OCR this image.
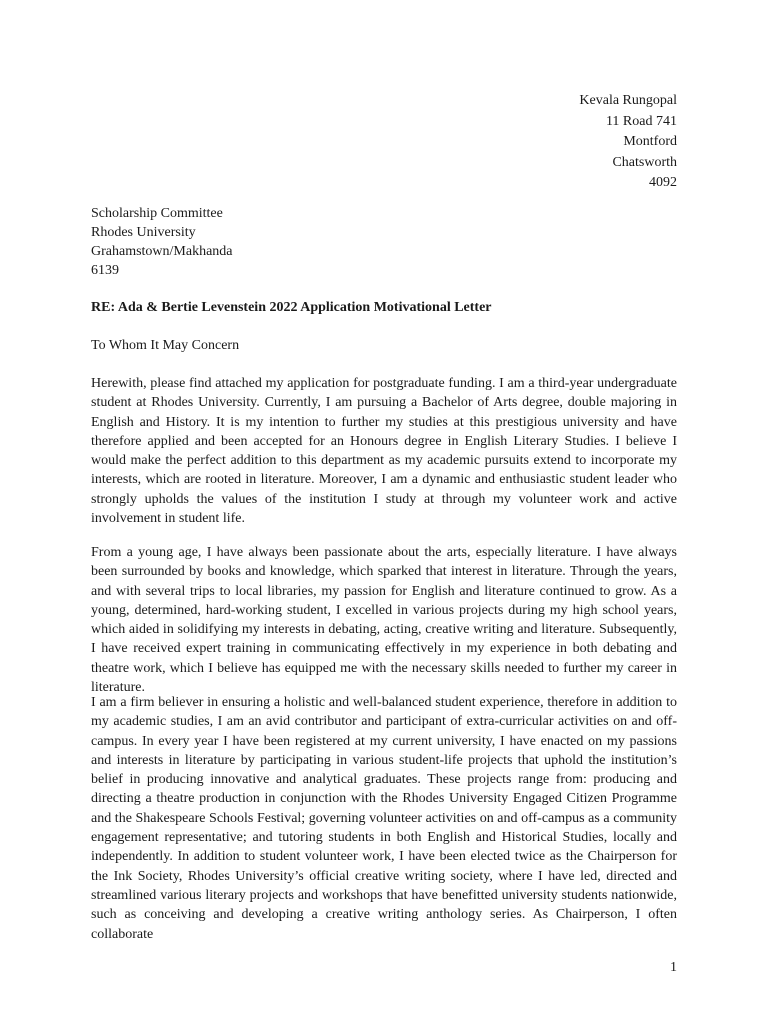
Kevala Rungopal
11 Road 741
Montford
Chatsworth
4092
Scholarship Committee
Rhodes University
Grahamstown/Makhanda
6139
RE: Ada & Bertie Levenstein 2022 Application Motivational Letter
To Whom It May Concern

Herewith, please find attached my application for postgraduate funding. I am a third-year undergraduate student at Rhodes University. Currently, I am pursuing a Bachelor of Arts degree, double majoring in English and History. It is my intention to further my studies at this prestigious university and have therefore applied and been accepted for an Honours degree in English Literary Studies. I believe I would make the perfect addition to this department as my academic pursuits extend to incorporate my interests, which are rooted in literature. Moreover, I am a dynamic and enthusiastic student leader who strongly upholds the values of the institution I study at through my volunteer work and active involvement in student life.

From a young age, I have always been passionate about the arts, especially literature. I have always been surrounded by books and knowledge, which sparked that interest in literature. Through the years, and with several trips to local libraries, my passion for English and literature continued to grow. As a young, determined, hard-working student, I excelled in various projects during my high school years, which aided in solidifying my interests in debating, acting, creative writing and literature. Subsequently, I have received expert training in communicating effectively in my experience in both debating and theatre work, which I believe has equipped me with the necessary skills needed to further my career in literature.

I am a firm believer in ensuring a holistic and well-balanced student experience, therefore in addition to my academic studies, I am an avid contributor and participant of extra-curricular activities on and off-campus. In every year I have been registered at my current university, I have enacted on my passions and interests in literature by participating in various student-life projects that uphold the institution’s belief in producing innovative and analytical graduates. These projects range from: producing and directing a theatre production in conjunction with the Rhodes University Engaged Citizen Programme and the Shakespeare Schools Festival; governing volunteer activities on and off-campus as a community engagement representative; and tutoring students in both English and Historical Studies, locally and independently. In addition to student volunteer work, I have been elected twice as the Chairperson for the Ink Society, Rhodes University’s official creative writing society, where I have led, directed and streamlined various literary projects and workshops that have benefitted university students nationwide, such as conceiving and developing a creative writing anthology series. As Chairperson, I often collaborate

1
